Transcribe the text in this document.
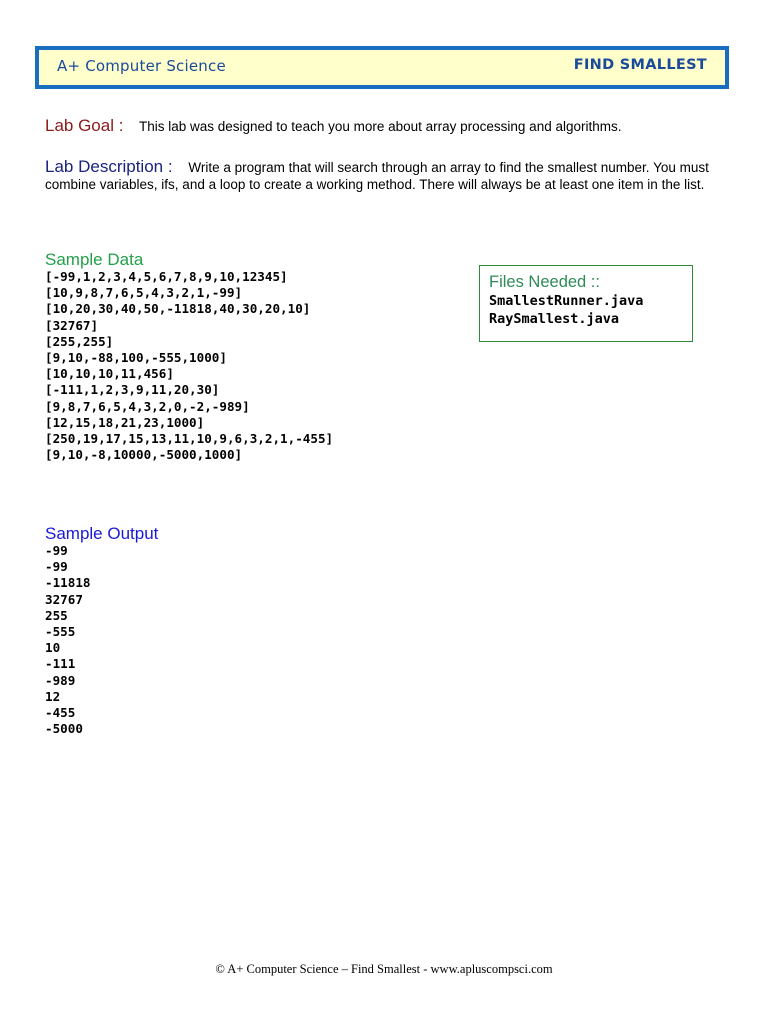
A+ Computer Science	FIND SMALLEST
Lab Goal : This lab was designed to teach you more about array processing and algorithms.
Lab Description : Write a program that will search through an array to find the smallest number. You must combine variables, ifs, and a loop to create a working method. There will always be at least one item in the list.
Sample Data
[-99,1,2,3,4,5,6,7,8,9,10,12345]
[10,9,8,7,6,5,4,3,2,1,-99]
[10,20,30,40,50,-11818,40,30,20,10]
[32767]
[255,255]
[9,10,-88,100,-555,1000]
[10,10,10,11,456]
[-111,1,2,3,9,11,20,30]
[9,8,7,6,5,4,3,2,0,-2,-989]
[12,15,18,21,23,1000]
[250,19,17,15,13,11,10,9,6,3,2,1,-455]
[9,10,-8,10000,-5000,1000]
Files Needed ::
SmallestRunner.java
RaySmallest.java
Sample Output
-99
-99
-11818
32767
255
-555
10
-111
-989
12
-455
-5000
© A+ Computer Science – Find Smallest - www.apluscompsci.com
